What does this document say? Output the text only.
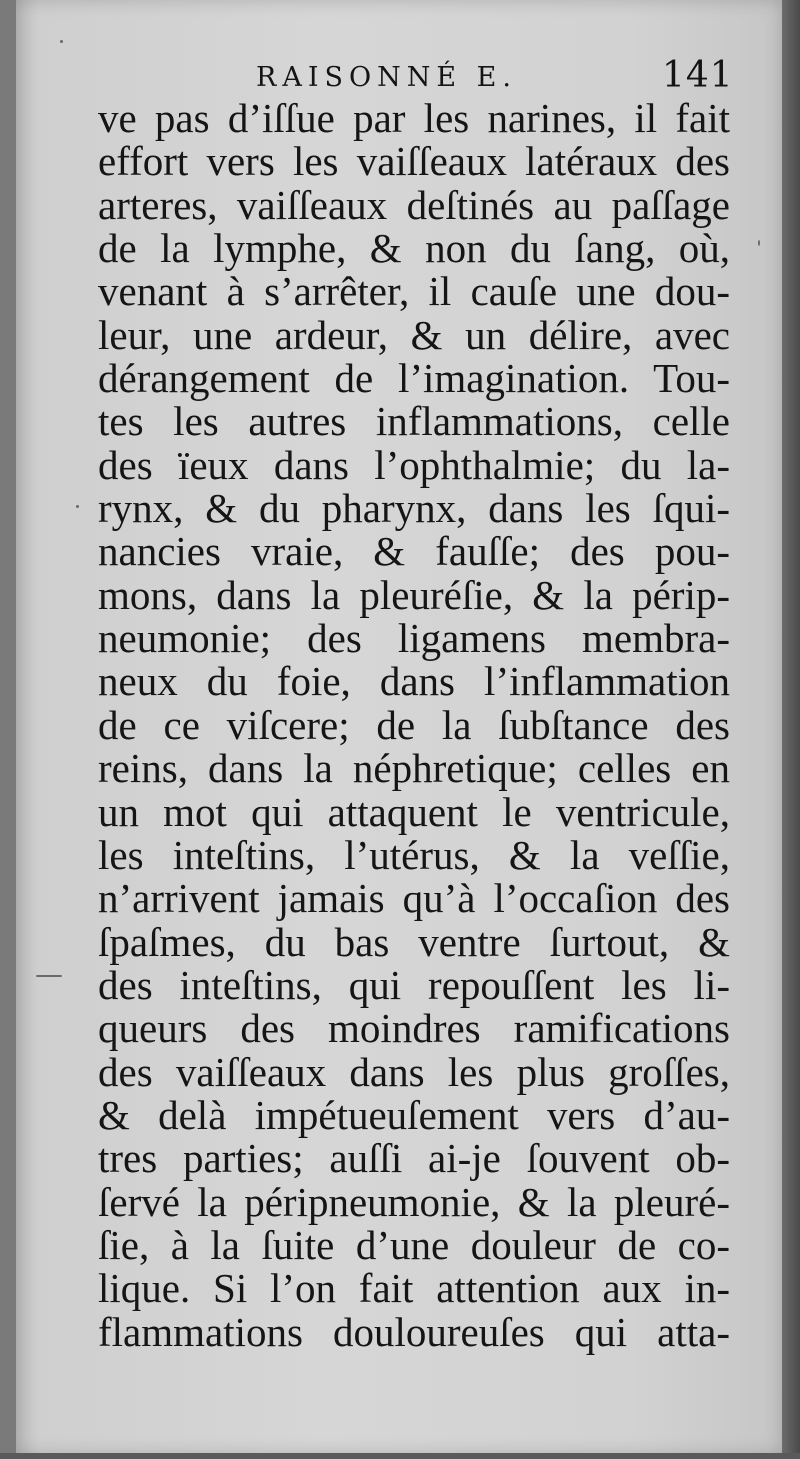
RAISONNÉ E.	141
ve pas d’iſſue par les narines, il fait
effort vers les vaiſſeaux latéraux des
arteres, vaiſſeaux deſtinés au paſſage
de la lymphe, & non du ſang, où,
venant à s’arrêter, il cauſe une dou-
leur, une ardeur, & un délire, avec
dérangement de l’imagination. Tou-
tes les autres inflammations, celle
des ïeux dans l’ophthalmie; du la-
rynx, & du pharynx, dans les ſqui-
nancies vraie, & fauſſe; des pou-
mons, dans la pleuréſie, & la périp-
neumonie; des ligamens membra-
neux du foie, dans l’inflammation
de ce viſcere; de la ſubſtance des
reins, dans la néphretique; celles en
un mot qui attaquent le ventricule,
les inteſtins, l’utérus, & la veſſie,
n’arrivent jamais qu’à l’occaſion des
ſpaſmes, du bas ventre ſurtout, &
des inteſtins, qui repouſſent les li-
queurs des moindres ramifications
des vaiſſeaux dans les plus groſſes,
& delà impétueuſement vers d’au-
tres parties; auſſi ai-je ſouvent ob-
ſervé la péripneumonie, & la pleuré-
ſie, à la ſuite d’une douleur de co-
lique. Si l’on fait attention aux in-
flammations douloureuſes qui atta-
